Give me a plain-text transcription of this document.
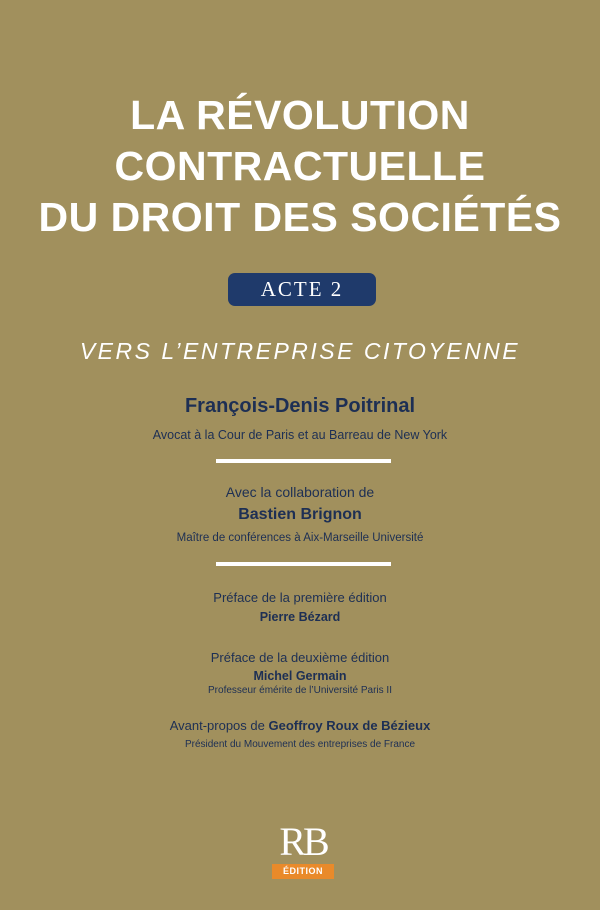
LA RÉVOLUTION
CONTRACTUELLE
DU DROIT DES SOCIÉTÉS
ACTE 2
VERS L’ENTREPRISE CITOYENNE
François-Denis Poitrinal
Avocat à la Cour de Paris et au Barreau de New York
Avec la collaboration de
Bastien Brignon
Maître de conférences à Aix-Marseille Université
Préface de la première édition
Pierre Bézard
Préface de la deuxième édition
Michel Germain
Professeur émérite de l’Université Paris II
Avant-propos de Geoffroy Roux de Bézieux
Président du Mouvement des entreprises de France
RB
ÉDITION
